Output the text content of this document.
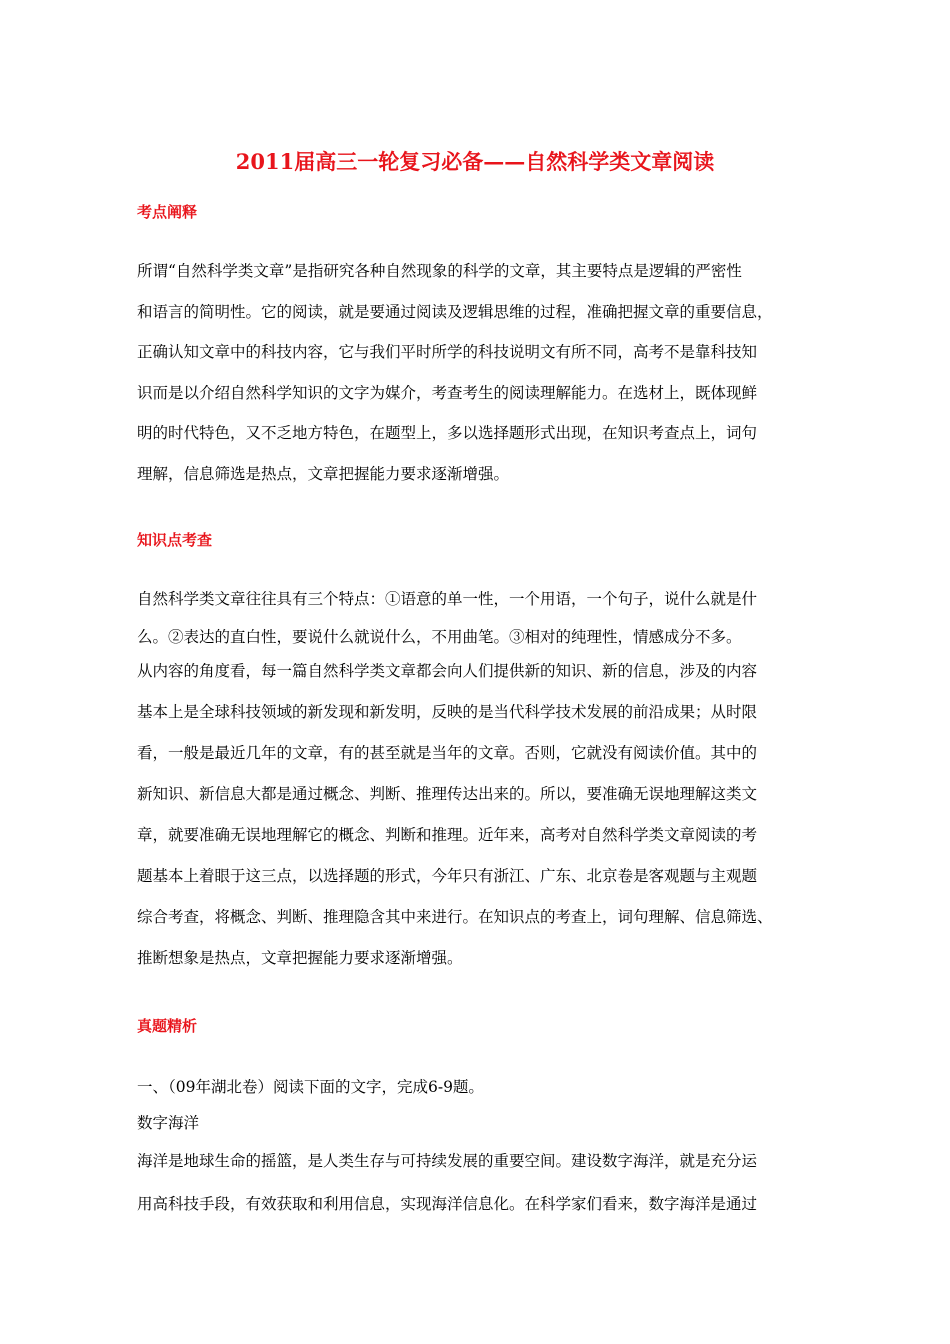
2011届高三一轮复习必备——自然科学类文章阅读
考点阐释
所谓“自然科学类文章”是指研究各种自然现象的科学的文章，其主要特点是逻辑的严密性
和语言的简明性。它的阅读，就是要通过阅读及逻辑思维的过程，准确把握文章的重要信息，
正确认知文章中的科技内容，它与我们平时所学的科技说明文有所不同，高考不是靠科技知
识而是以介绍自然科学知识的文字为媒介，考查考生的阅读理解能力。在选材上，既体现鲜
明的时代特色，又不乏地方特色，在题型上，多以选择题形式出现，在知识考查点上，词句
理解，信息筛选是热点，文章把握能力要求逐渐增强。
知识点考查
自然科学类文章往往具有三个特点：①语意的单一性，一个用语，一个句子，说什么就是什
么。②表达的直白性，要说什么就说什么，不用曲笔。③相对的纯理性，情感成分不多。
从内容的角度看，每一篇自然科学类文章都会向人们提供新的知识、新的信息，涉及的内容
基本上是全球科技领域的新发现和新发明，反映的是当代科学技术发展的前沿成果；从时限
看，一般是最近几年的文章，有的甚至就是当年的文章。否则，它就没有阅读价值。其中的
新知识、新信息大都是通过概念、判断、推理传达出来的。所以，要准确无误地理解这类文
章，就要准确无误地理解它的概念、判断和推理。近年来，高考对自然科学类文章阅读的考
题基本上着眼于这三点，以选择题的形式，今年只有浙江、广东、北京卷是客观题与主观题
综合考查，将概念、判断、推理隐含其中来进行。在知识点的考查上，词句理解、信息筛选、
推断想象是热点，文章把握能力要求逐渐增强。
真题精析
一、（09年湖北卷）阅读下面的文字，完成6-9题。
数字海洋
海洋是地球生命的摇篮，是人类生存与可持续发展的重要空间。建设数字海洋，就是充分运
用高科技手段，有效获取和利用信息，实现海洋信息化。在科学家们看来，数字海洋是通过
